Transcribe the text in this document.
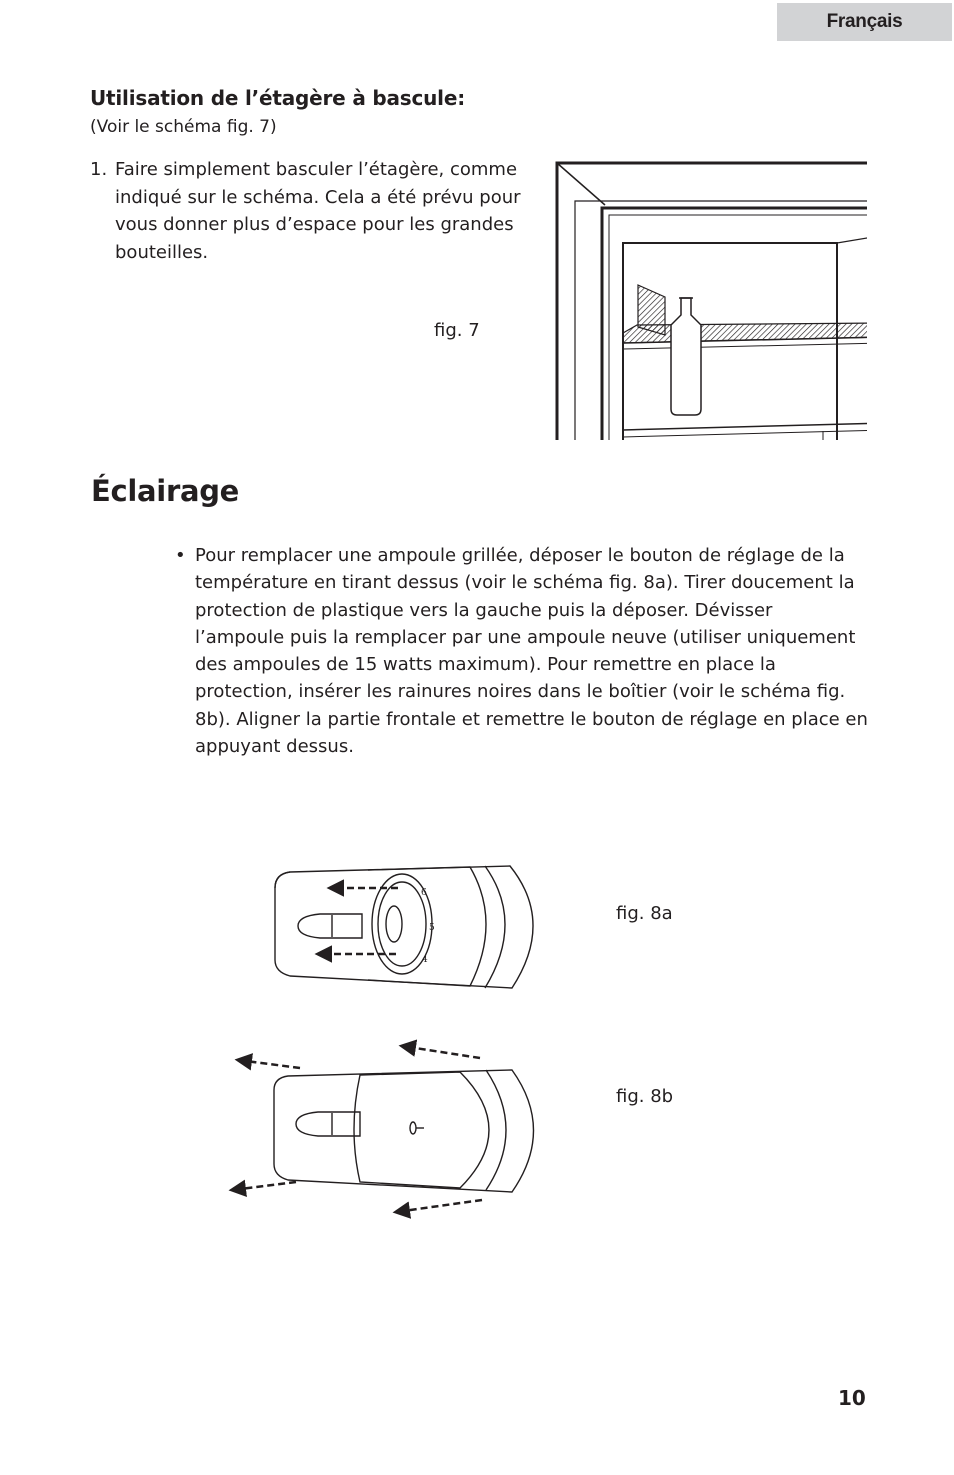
Français
Utilisation de l’étagère à bascule:
(Voir le schéma fig. 7)
1. Faire simplement basculer l’étagère, comme indiqué sur le schéma. Cela a été prévu pour vous donner plus d’espace pour les grandes bouteilles.
fig. 7
Éclairage
• Pour remplacer une ampoule grillée, déposer le bouton de réglage de la température en tirant dessus (voir le schéma fig. 8a). Tirer doucement la protection de plastique vers la gauche puis la déposer. Dévisser

l’ampoule puis la remplacer par une ampoule neuve (utiliser uniquement des ampoules de 15 watts maximum). Pour remettre en place la protection, insérer les rainures noires dans le boîtier (voir le schéma fig. 8b). Aligner la partie frontale et remettre le bouton de réglage en place en appuyant dessus.

6
5
4
fig. 8a
fig. 8b
10
